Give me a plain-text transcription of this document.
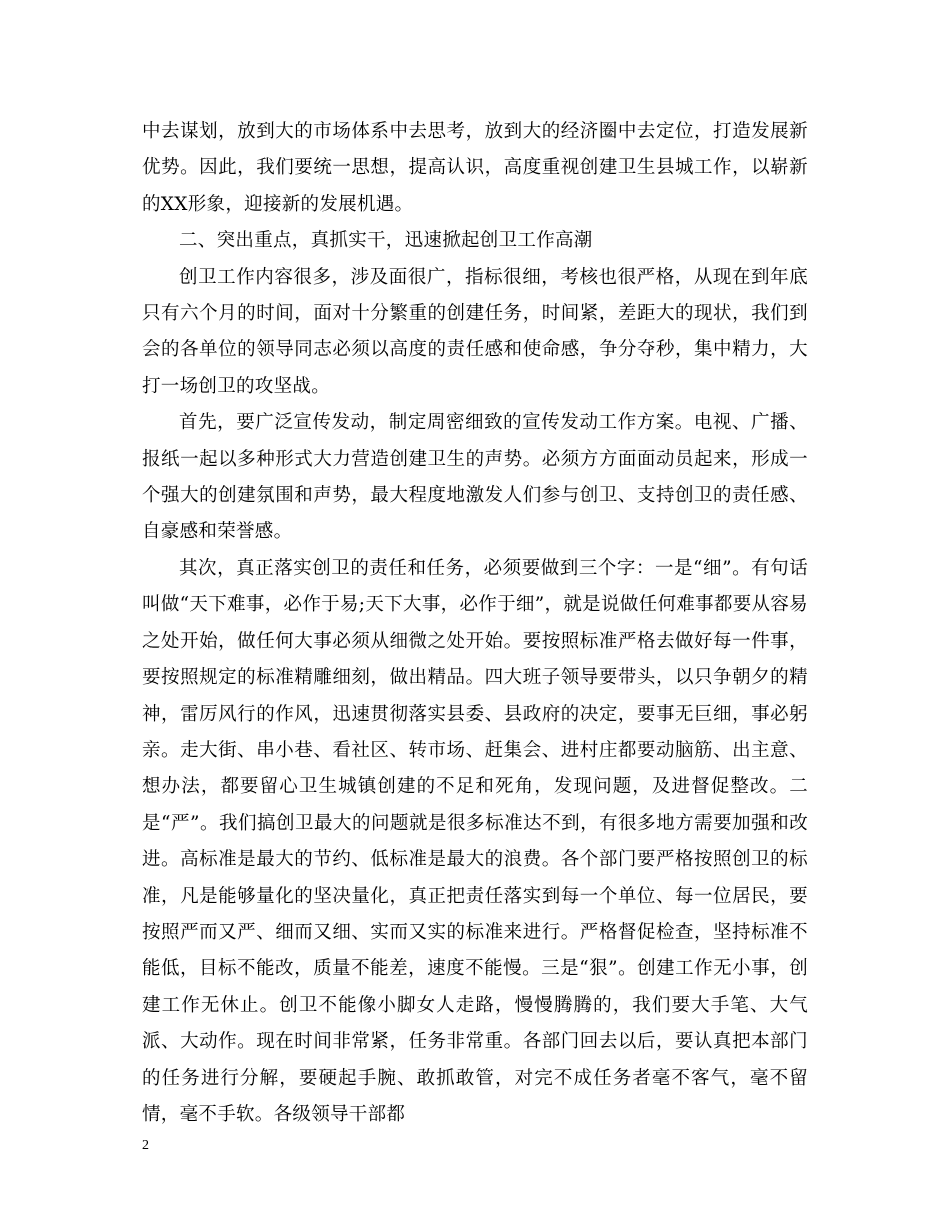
中去谋划，放到大的市场体系中去思考，放到大的经济圈中去定位，打造发展新优势。因此，我们要统一思想，提高认识，高度重视创建卫生县城工作，以崭新的XX形象，迎接新的发展机遇。

二、突出重点，真抓实干，迅速掀起创卫工作高潮

创卫工作内容很多，涉及面很广，指标很细，考核也很严格，从现在到年底只有六个月的时间，面对十分繁重的创建任务，时间紧，差距大的现状，我们到会的各单位的领导同志必须以高度的责任感和使命感，争分夺秒，集中精力，大打一场创卫的攻坚战。

首先，要广泛宣传发动，制定周密细致的宣传发动工作方案。电视、广播、报纸一起以多种形式大力营造创建卫生的声势。必须方方面面动员起来，形成一个强大的创建氛围和声势，最大程度地激发人们参与创卫、支持创卫的责任感、自豪感和荣誉感。

其次，真正落实创卫的责任和任务，必须要做到三个字：一是“细”。有句话叫做“天下难事，必作于易;天下大事，必作于细”，就是说做任何难事都要从容易之处开始，做任何大事必须从细微之处开始。要按照标准严格去做好每一件事，要按照规定的标准精雕细刻，做出精品。四大班子领导要带头，以只争朝夕的精神，雷厉风行的作风，迅速贯彻落实县委、县政府的决定，要事无巨细，事必躬亲。走大街、串小巷、看社区、转市场、赶集会、进村庄都要动脑筋、出主意、想办法，都要留心卫生城镇创建的不足和死角，发现问题，及进督促整改。二是“严”。我们搞创卫最大的问题就是很多标准达不到，有很多地方需要加强和改进。高标准是最大的节约、低标准是最大的浪费。各个部门要严格按照创卫的标准，凡是能够量化的坚决量化，真正把责任落实到每一个单位、每一位居民，要按照严而又严、细而又细、实而又实的标准来进行。严格督促检查，坚持标准不能低，目标不能改，质量不能差，速度不能慢。三是“狠”。创建工作无小事，创建工作无休止。创卫不能像小脚女人走路，慢慢腾腾的，我们要大手笔、大气派、大动作。现在时间非常紧，任务非常重。各部门回去以后，要认真把本部门的任务进行分解，要硬起手腕、敢抓敢管，对完不成任务者毫不客气，毫不留情，毫不手软。各级领导干部都

2
